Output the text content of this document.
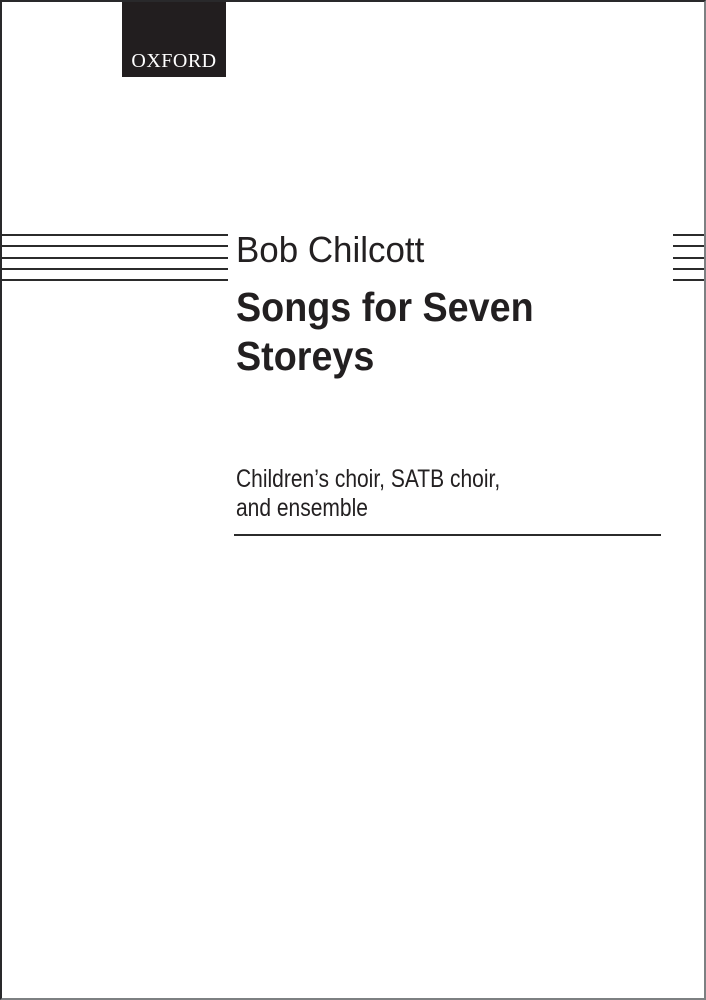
OXFORD
Bob Chilcott
Songs for Seven
Storeys
Children’s choir, SATB choir,
and ensemble
